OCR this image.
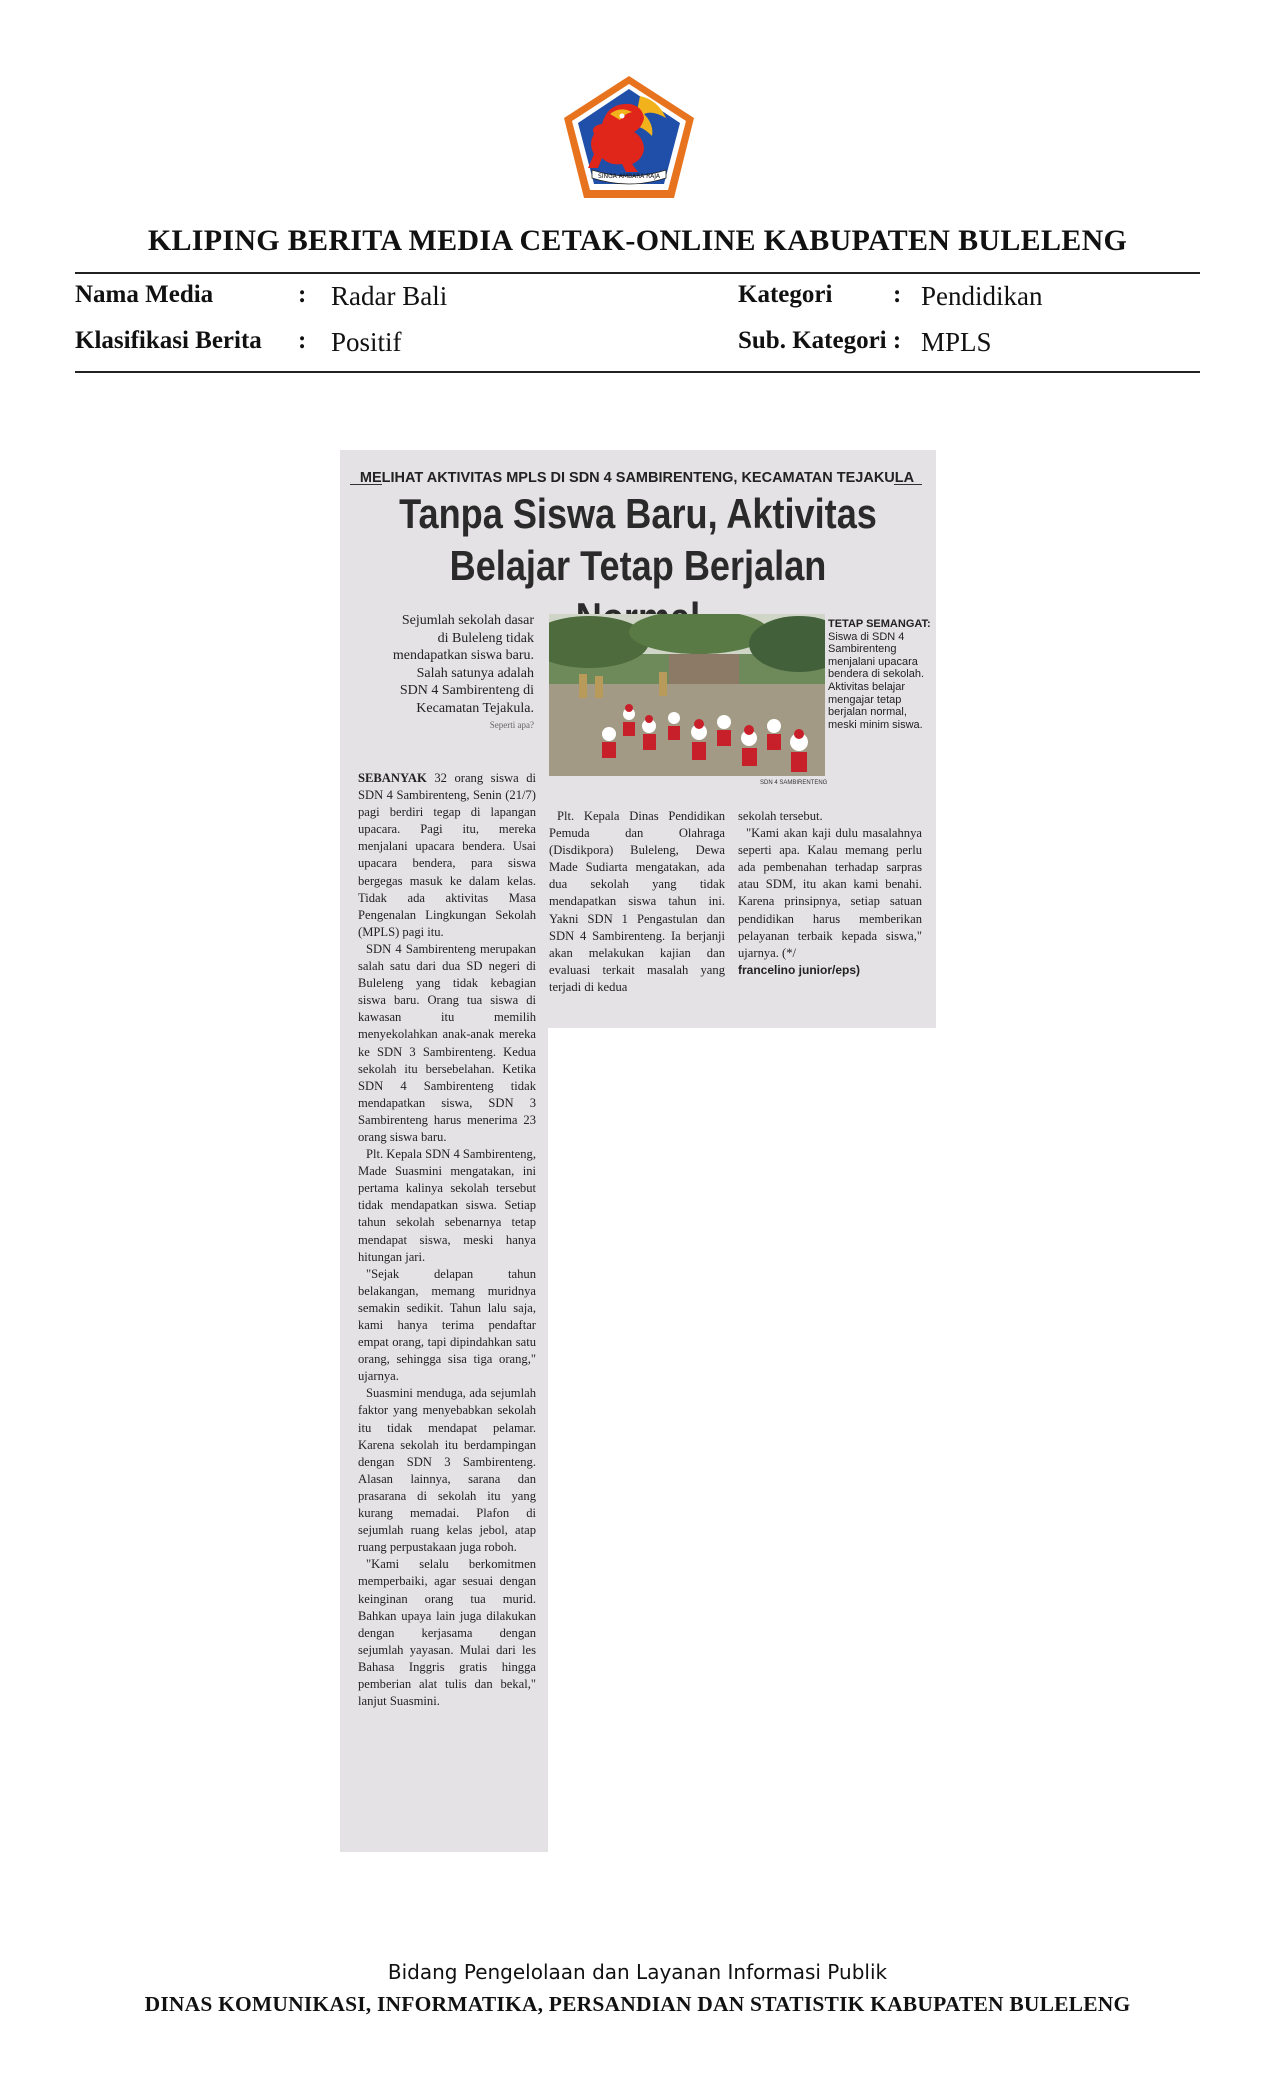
SINGA AMBARA RAJA
KLIPING BERITA MEDIA CETAK-ONLINE KABUPATEN BULELENG
Nama Media	: Radar Bali	Kategori : Pendidikan
Klasifikasi Berita : Positif	Sub. Kategori : MPLS
MELIHAT AKTIVITAS MPLS DI SDN 4 SAMBIRENTENG, KECAMATAN TEJAKULA
Tanpa Siswa Baru, Aktivitas
Belajar Tetap Berjalan
Sejumlah sekolah dasar di Buleleng tidak mendapatkan siswa baru. Salah satunya adalah SDN 4 Sambirenteng di Kecamatan Tejakula.
Seperti apa?
SDN 4 SAMBIRENTENG
TETAP SEMANGAT:
Siswa di SDN 4 Sambirenteng menjalani upacara bendera di sekolah. Aktivitas belajar mengajar tetap berjalan normal, meski minim siswa.

SEBANYAK 32 orang siswa di SDN 4 Sambirenteng, Senin (21/7) pagi berdiri tegap di lapangan upacara. Pagi itu, mereka menjalani upacara bendera. Usai upacara bendera, para siswa bergegas masuk ke dalam kelas. Tidak ada aktivitas Masa Pengenalan Lingkungan Sekolah (MPLS) pagi itu.

SDN 4 Sambirenteng merupakan salah satu dari dua SD negeri di Buleleng yang tidak kebagian siswa baru. Orang tua siswa di kawasan itu memilih menyekolahkan anak-anak mereka ke SDN 3 Sambirenteng. Kedua sekolah itu bersebelahan. Ketika SDN 4 Sambirenteng tidak mendapatkan siswa, SDN 3 Sambirenteng harus menerima 23 orang siswa baru.

Plt. Kepala SDN 4 Sambirenteng, Made Suasmini mengatakan, ini pertama kalinya sekolah tersebut tidak mendapatkan siswa. Setiap tahun sekolah sebenarnya tetap mendapat siswa, meski hanya hitungan jari.

"Sejak delapan tahun belakangan, memang muridnya semakin sedikit. Tahun lalu saja, kami hanya terima pendaftar empat orang, tapi dipindahkan satu orang, sehingga sisa tiga orang," ujarnya.

Suasmini menduga, ada sejumlah faktor yang menyebabkan sekolah itu tidak mendapat pelamar. Karena sekolah itu berdampingan dengan SDN 3 Sambirenteng. Alasan lainnya, sarana dan prasarana di sekolah itu yang kurang memadai. Plafon di sejumlah ruang kelas jebol, atap ruang perpustakaan juga roboh.

"Kami selalu berkomitmen memperbaiki, agar sesuai dengan keinginan orang tua murid. Bahkan upaya lain juga dilakukan dengan kerjasama dengan sejumlah yayasan. Mulai dari les Bahasa Inggris gratis hingga pemberian alat tulis dan bekal," lanjut Suasmini.

Plt. Kepala Dinas Pendidikan Pemuda dan Olahraga (Disdikpora) Buleleng, Dewa Made Sudiarta mengatakan, ada dua sekolah yang tidak mendapatkan siswa tahun ini. Yakni SDN 1 Pengastulan dan SDN 4 Sambirenteng. Ia berjanji akan melakukan kajian dan evaluasi terkait masalah yang terjadi di kedua

sekolah tersebut.

"Kami akan kaji dulu masalahnya seperti apa. Kalau memang perlu ada pembenahan terhadap sarpras atau SDM, itu akan kami benahi. Karena prinsipnya, setiap satuan pendidikan harus memberikan pelayanan terbaik kepada siswa," ujarnya. (*/

francelino junior/eps)
Bidang Pengelolaan dan Layanan Informasi Publik
DINAS KOMUNIKASI, INFORMATIKA, PERSANDIAN DAN STATISTIK KABUPATEN BULELENG
